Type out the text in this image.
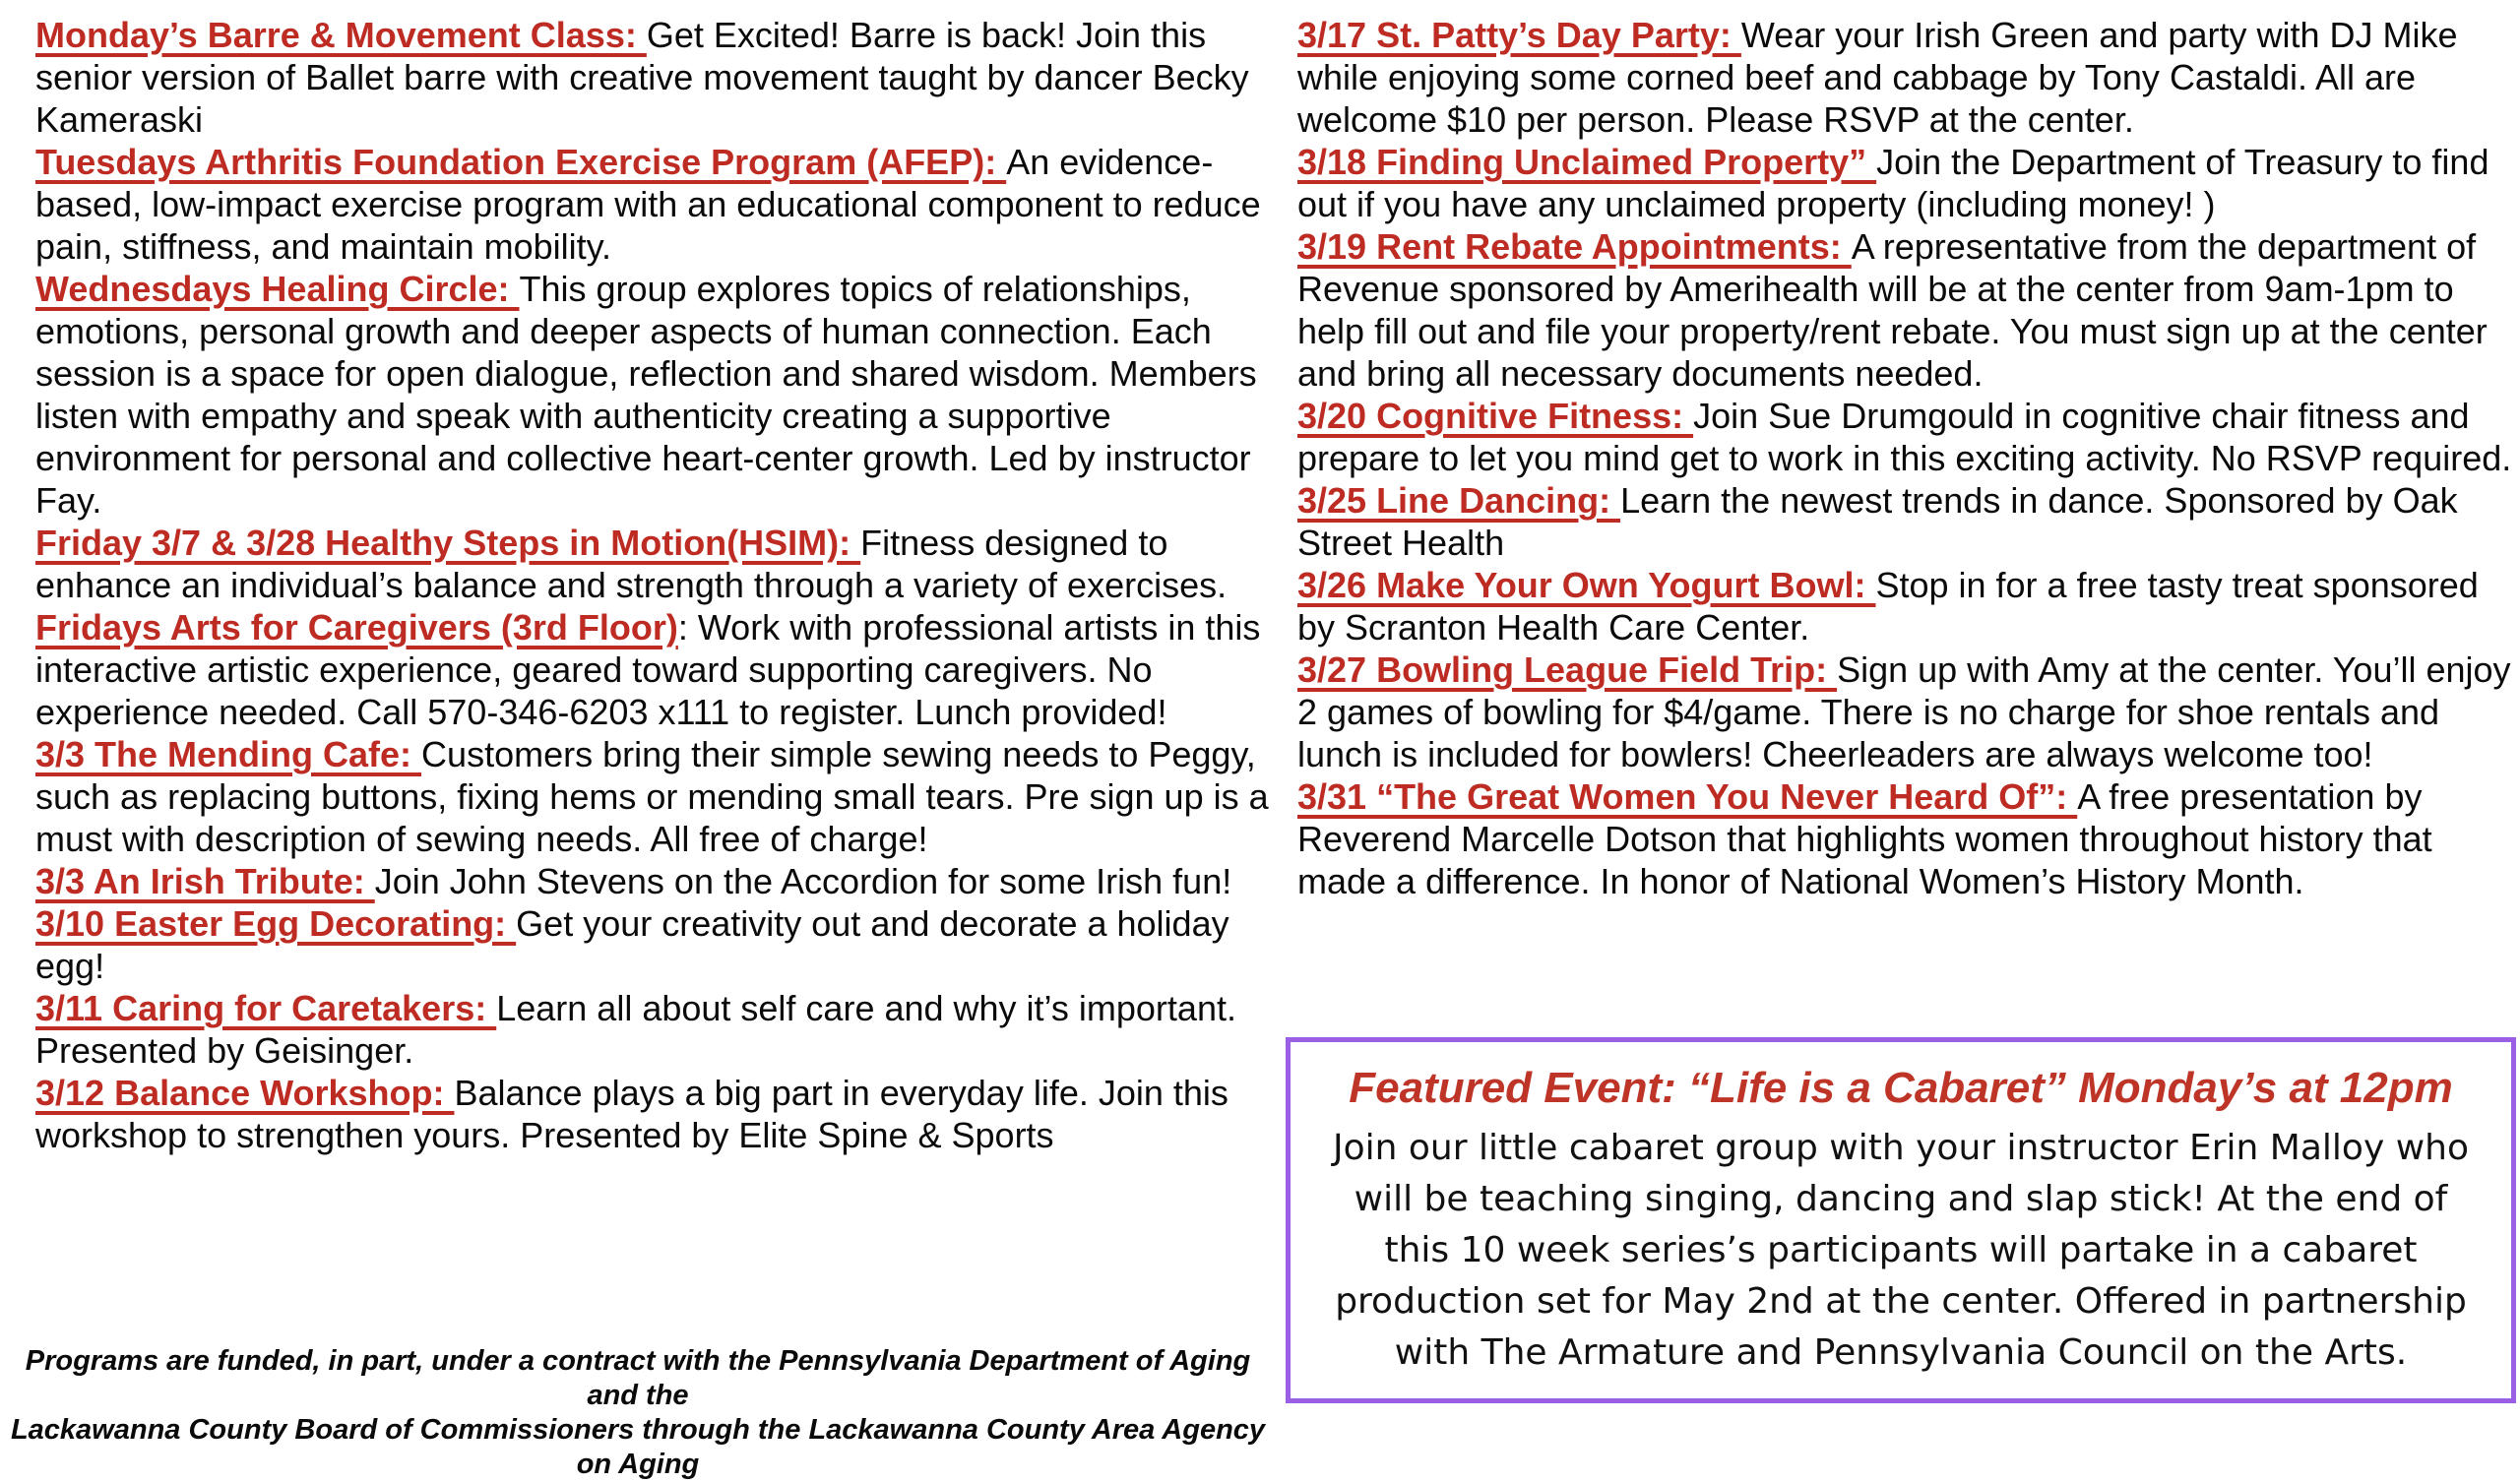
Monday’s Barre & Movement Class: Get Excited! Barre is back! Join this senior version of Ballet barre with creative movement taught by dancer Becky Kameraski

Tuesdays Arthritis Foundation Exercise Program (AFEP): An evidence-based, low-impact exercise program with an educational component to reduce pain, stiffness, and maintain mobility.

Wednesdays Healing Circle: This group explores topics of relationships, emotions, personal growth and deeper aspects of human connection. Each session is a space for open dialogue, reflection and shared wisdom. Members listen with empathy and speak with authenticity creating a supportive environment for personal and collective heart-center growth. Led by instructor Fay.

Friday 3/7 & 3/28 Healthy Steps in Motion(HSIM): Fitness designed to enhance an individual’s balance and strength through a variety of exercises.

Fridays Arts for Caregivers (3rd Floor): Work with professional artists in this interactive artistic experience, geared toward supporting caregivers. No experience needed. Call 570-346-6203 x111 to register. Lunch provided!

3/3 The Mending Cafe: Customers bring their simple sewing needs to Peggy, such as replacing buttons, fixing hems or mending small tears. Pre sign up is a must with description of sewing needs. All free of charge!

3/3 An Irish Tribute: Join John Stevens on the Accordion for some Irish fun!

3/10 Easter Egg Decorating: Get your creativity out and decorate a holiday egg!

3/11 Caring for Caretakers: Learn all about self care and why it’s important. Presented by Geisinger.

3/12 Balance Workshop: Balance plays a big part in everyday life. Join this workshop to strengthen yours. Presented by Elite Spine & Sports

3/17 St. Patty’s Day Party: Wear your Irish Green and party with DJ Mike while enjoying some corned beef and cabbage by Tony Castaldi. All are welcome $10 per person. Please RSVP at the center.

3/18 Finding Unclaimed Property” Join the Department of Treasury to find out if you have any unclaimed property (including money! )

3/19 Rent Rebate Appointments: A representative from the department of Revenue sponsored by Amerihealth will be at the center from 9am-1pm to help fill out and file your property/rent rebate. You must sign up at the center and bring all necessary documents needed.

3/20 Cognitive Fitness: Join Sue Drumgould in cognitive chair fitness and prepare to let you mind get to work in this exciting activity. No RSVP required.

3/25 Line Dancing: Learn the newest trends in dance. Sponsored by Oak Street Health

3/26 Make Your Own Yogurt Bowl: Stop in for a free tasty treat sponsored by Scranton Health Care Center.

3/27 Bowling League Field Trip: Sign up with Amy at the center. You’ll enjoy 2 games of bowling for $4/game. There is no charge for shoe rentals and lunch is included for bowlers! Cheerleaders are always welcome too!

3/31 “The Great Women You Never Heard Of”: A free presentation by Reverend Marcelle Dotson that highlights women throughout history that made a difference. In honor of National Women’s History Month.

Programs are funded, in part, under a contract with the Pennsylvania Department of Aging and the
Lackawanna County Board of Commissioners through the Lackawanna County Area Agency on Aging
Featured Event: “Life is a Cabaret” Monday’s at 12pm
Join our little cabaret group with your instructor Erin Malloy who will be teaching singing, dancing and slap stick! At the end of this 10 week series’s participants will partake in a cabaret production set for May 2nd at the center. Offered in partnership with The Armature and Pennsylvania Council on the Arts.
